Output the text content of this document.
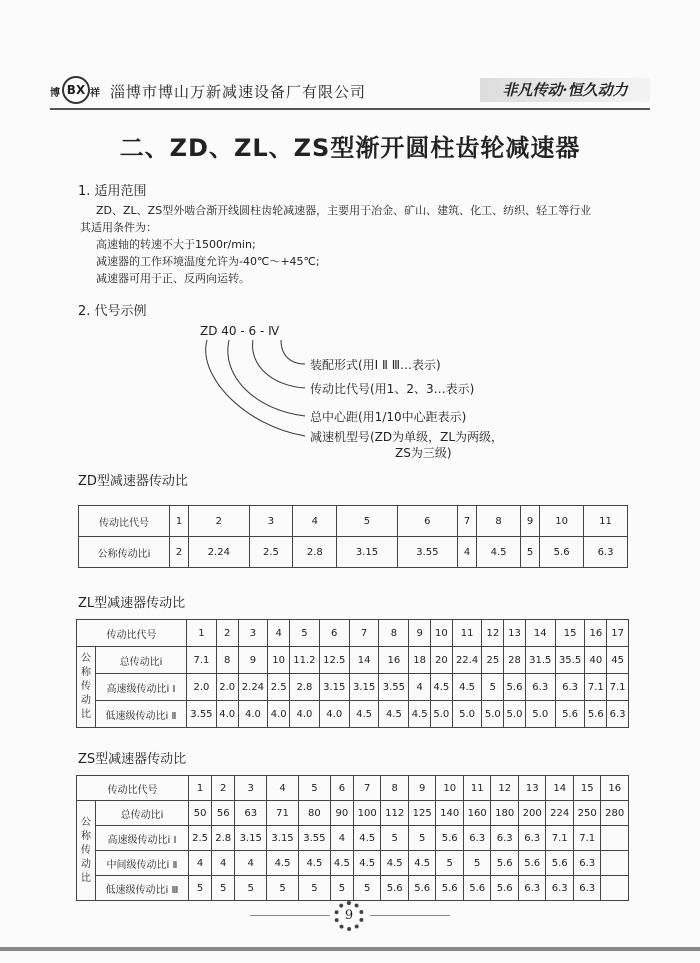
博 BX 祥 淄博市博山万新减速设备厂有限公司	非凡传动·恒久动力
二、ZD、ZL、ZS型渐开圆柱齿轮减速器
1. 适用范围
ZD、ZL、ZS型外啮合渐开线圆柱齿轮减速器，主要用于冶金、矿山、建筑、化工、纺织、轻工等行业
其适用条件为：
高速轴的转速不大于1500r/min;
减速器的工作环境温度允许为-40℃～+45℃;
减速器可用于正、反两向运转。
2. 代号示例
ZD 40 - 6 - Ⅳ
装配形式(用Ⅰ Ⅱ Ⅲ…表示)
传动比代号(用1、2、3…表示)
总中心距(用1/10中心距表示)
减速机型号(ZD为单级，ZL为两级，
ZS为三级)
ZD型减速器传动比
传动比代号	1	2	3	4	5	6	7	8	9	10	11
公称传动比i	2	2.24	2.5	2.8	3.15	3.55	4	4.5	5	5.6	6.3
ZL型减速器传动比
传动比代号		1	2	3	4	5	6	7	8	9	10	11	12	13	14	15	16	17
公称传动比	总传动比i	7.1	8	9	10	11.2	12.5	14	16	18	20	22.4	25	28	31.5	35.5	40	45
	高速级传动比i Ⅰ	2.0	2.0	2.24	2.5	2.8	3.15	3.15	3.55	4	4.5	4.5	5	5.6	6.3	6.3	7.1	7.1
	低速级传动比i Ⅱ	3.55	4.0	4.0	4.0	4.0	4.0	4.5	4.5	4.5	5.0	5.0	5.0	5.0	5.0	5.6	5.6	6.3
ZS型减速器传动比
传动比代号		1	2	3	4	5	6	7	8	9	10	11	12	13	14	15	16
公称传动比	总传动比i	50	56	63	71	80	90	100	112	125	140	160	180	200	224	250	280
	高速级传动比i Ⅰ	2.5	2.8	3.15	3.15	3.55	4	4.5	5	5	5.6	6.3	6.3	6.3	7.1	7.1	
	中间级传动比i Ⅱ	4	4	4	4.5	4.5	4.5	4.5	4.5	4.5	5	5	5.6	5.6	5.6	6.3	
	低速级传动比i Ⅲ	5	5	5	5	5	5	5	5.6	5.6	5.6	5.6	5.6	6.3	6.3	6.3	
9
